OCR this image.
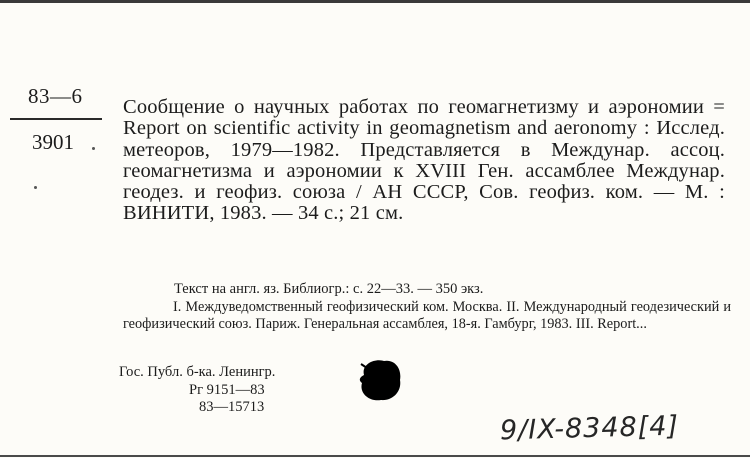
83—6
3901

Сообщение о научных работах по геомагнетизму и аэрономии = Report on scientific activity in geomagnetism and aeronomy : Исслед. метеоров, 1979—1982. Представляется в Междунар. ассоц. геомагнетизма и аэрономии к XVIII Ген. ассамблее Междунар. геодез. и геофиз. союза / АН СССР, Сов. геофиз. ком. — М. : ВИНИТИ, 1983. — 34 с.; 21 см.

Текст на англ. яз. Библиогр.: с. 22—33. — 350 экз.

I. Междуведомственный геофизический ком. Москва. II. Международный геодезический и геофизический союз. Париж. Генеральная ассамблея, 18-я. Гамбург, 1983. III. Report...

Гос. Публ. б-ка. Ленингр.

Рг 9151—83

83—15713

9/IX-8348[4]
